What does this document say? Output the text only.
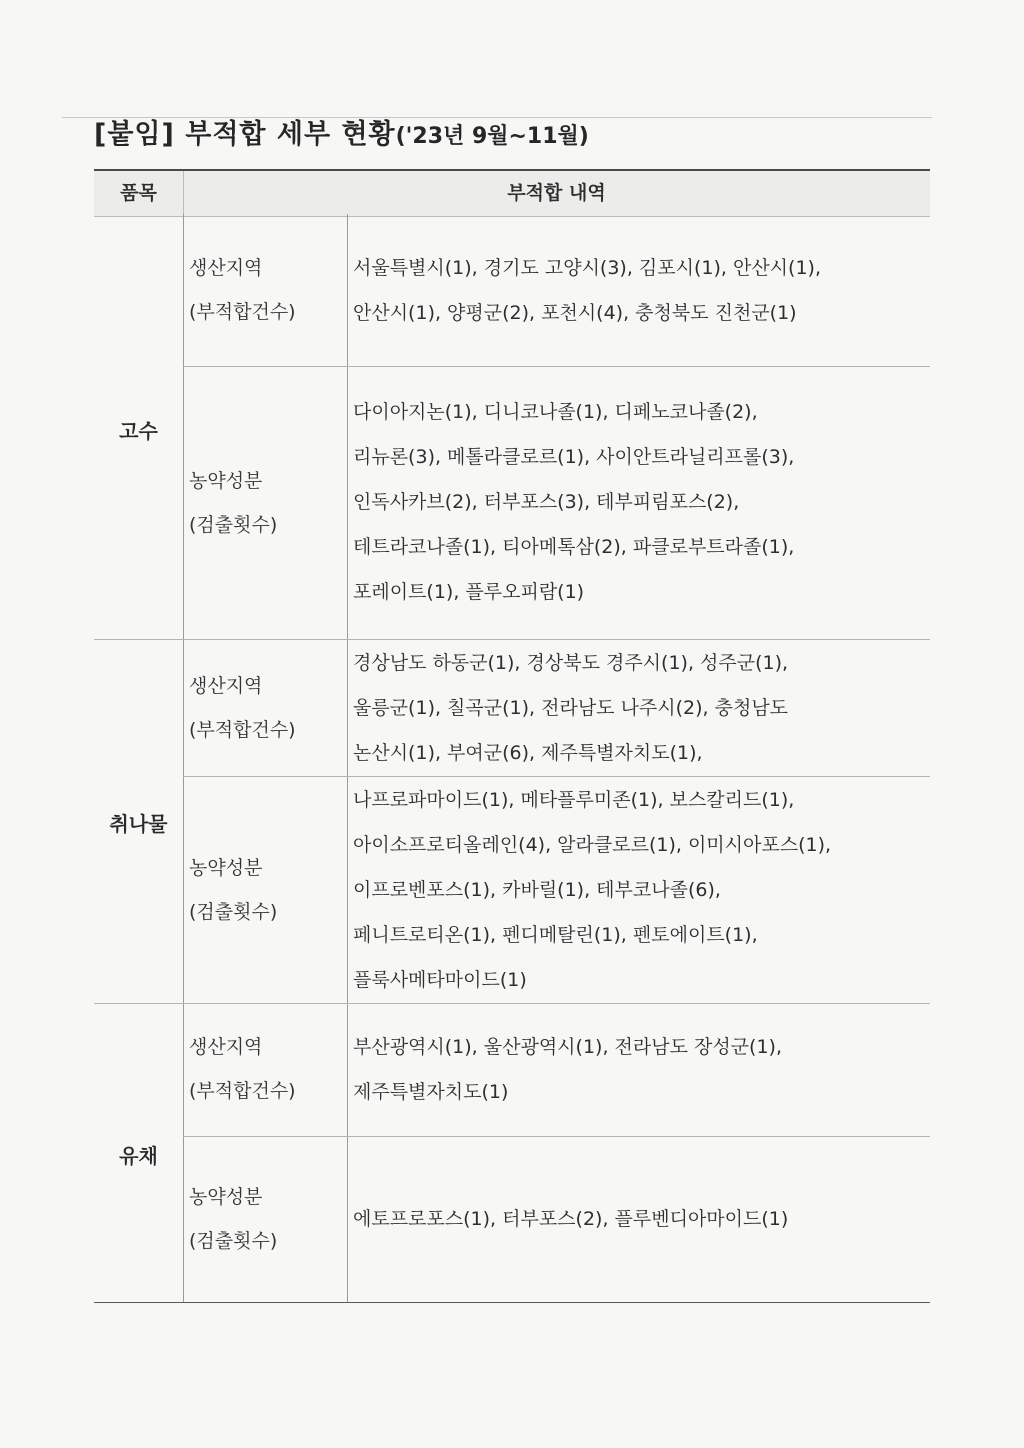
[붙임] 부적합 세부 현황('23년 9월~11월)
품목	부적합 내역
고수
생산지역
(부적합건수)
서울특별시(1), 경기도 고양시(3), 김포시(1), 안산시(1),
안산시(1), 양평군(2), 포천시(4), 충청북도 진천군(1)
농약성분
(검출횟수)
다이아지논(1), 디니코나졸(1), 디페노코나졸(2),
리뉴론(3), 메톨라클로르(1), 사이안트라닐리프롤(3),
인독사카브(2), 터부포스(3), 테부피림포스(2),
테트라코나졸(1), 티아메톡삼(2), 파클로부트라졸(1),
포레이트(1), 플루오피람(1)
취나물
생산지역
(부적합건수)
경상남도 하동군(1), 경상북도 경주시(1), 성주군(1),
울릉군(1), 칠곡군(1), 전라남도 나주시(2), 충청남도
논산시(1), 부여군(6), 제주특별자치도(1),
농약성분
(검출횟수)
나프로파마이드(1), 메타플루미존(1), 보스칼리드(1),
아이소프로티올레인(4), 알라클로르(1), 이미시아포스(1),
이프로벤포스(1), 카바릴(1), 테부코나졸(6),
페니트로티온(1), 펜디메탈린(1), 펜토에이트(1),
플룩사메타마이드(1)
유채
생산지역
(부적합건수)
부산광역시(1), 울산광역시(1), 전라남도 장성군(1),
제주특별자치도(1)
농약성분
(검출횟수)
에토프로포스(1), 터부포스(2), 플루벤디아마이드(1)
